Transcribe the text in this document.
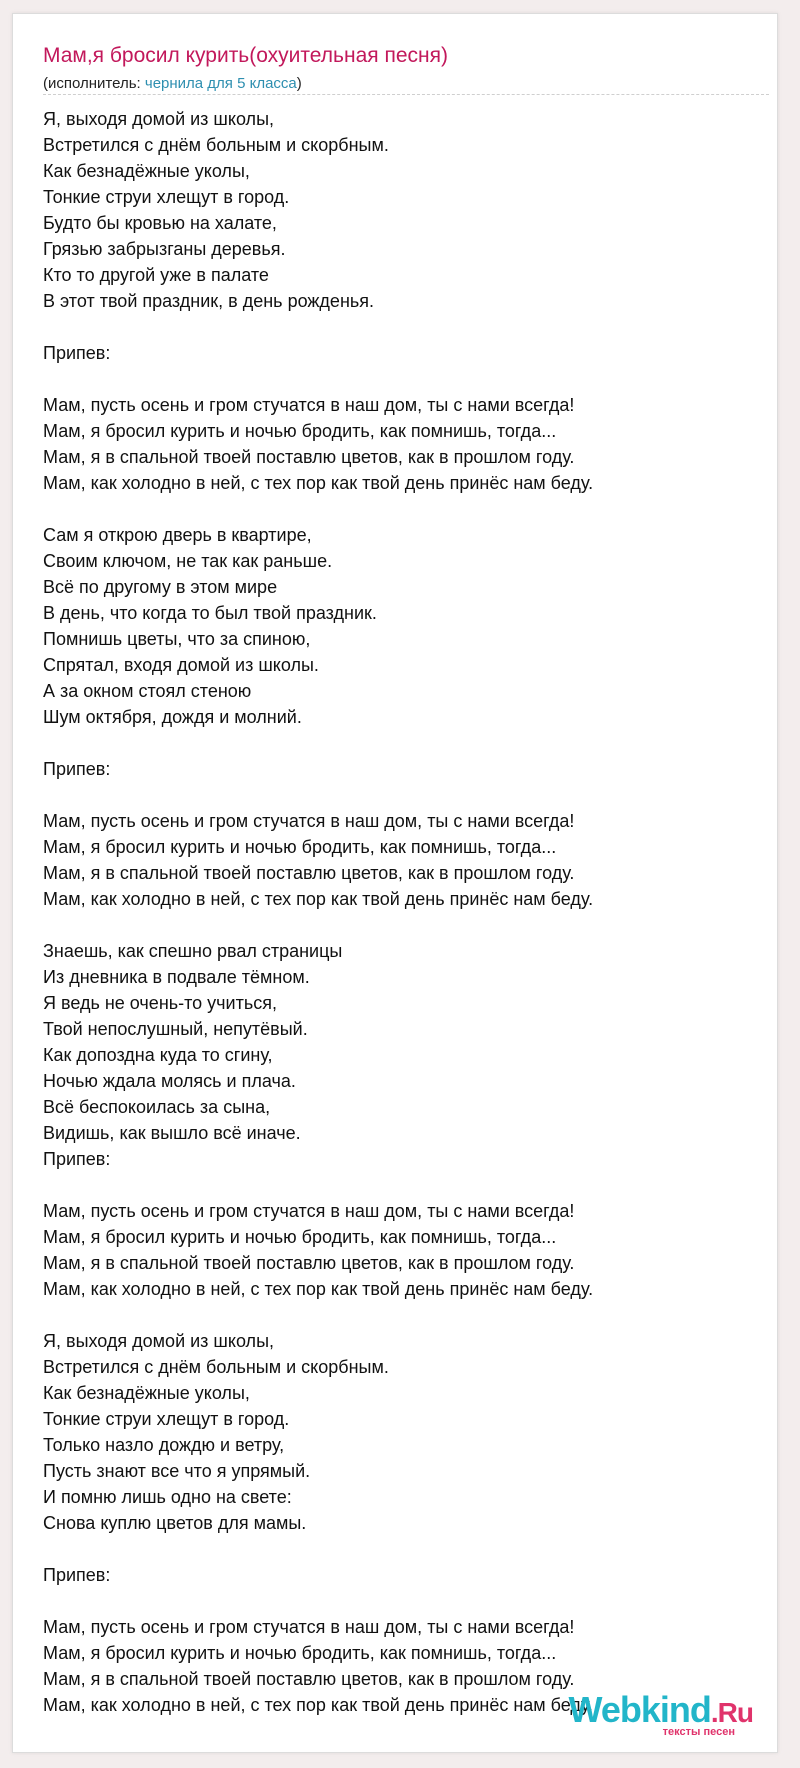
Мам,я бросил курить(охуительная песня)
(исполнитель: чернила для 5 класса)
Я, выходя домой из школы,
Встретился с днём больным и скорбным.
Как безнадёжные уколы,
Тонкие струи хлещут в город.
Будто бы кровью на халате,
Грязью забрызганы деревья.
Кто то другой уже в палате
В этот твой праздник, в день рожденья.
Припев:
Мам, пусть осень и гром стучатся в наш дом, ты с нами всегда!
Мам, я бросил курить и ночью бродить, как помнишь, тогда...
Мам, я в спальной твоей поставлю цветов, как в прошлом году.
Мам, как холодно в ней, с тех пор как твой день принёс нам беду.
Сам я открою дверь в квартире,
Своим ключом, не так как раньше.
Всё по другому в этом мире
В день, что когда то был твой праздник.
Помнишь цветы, что за спиною,
Спрятал, входя домой из школы.
А за окном стоял стеною
Шум октября, дождя и молний.
Припев:
Мам, пусть осень и гром стучатся в наш дом, ты с нами всегда!
Мам, я бросил курить и ночью бродить, как помнишь, тогда...
Мам, я в спальной твоей поставлю цветов, как в прошлом году.
Мам, как холодно в ней, с тех пор как твой день принёс нам беду.
Знаешь, как спешно рвал страницы
Из дневника в подвале тёмном.
Я ведь не очень-то учиться,
Твой непослушный, непутёвый.
Как допоздна куда то сгину,
Ночью ждала молясь и плача.
Всё беспокоилась за сына,
Видишь, как вышло всё иначе.
Припев:
Мам, пусть осень и гром стучатся в наш дом, ты с нами всегда!
Мам, я бросил курить и ночью бродить, как помнишь, тогда...
Мам, я в спальной твоей поставлю цветов, как в прошлом году.
Мам, как холодно в ней, с тех пор как твой день принёс нам беду.
Я, выходя домой из школы,
Встретился с днём больным и скорбным.
Как безнадёжные уколы,
Тонкие струи хлещут в город.
Только назло дождю и ветру,
Пусть знают все что я упрямый.
И помню лишь одно на свете:
Снова куплю цветов для мамы.
Припев:
Мам, пусть осень и гром стучатся в наш дом, ты с нами всегда!
Мам, я бросил курить и ночью бродить, как помнишь, тогда...
Мам, я в спальной твоей поставлю цветов, как в прошлом году.
Мам, как холодно в ней, с тех пор как твой день принёс нам беду.
Webkind.Ru
тексты песен
